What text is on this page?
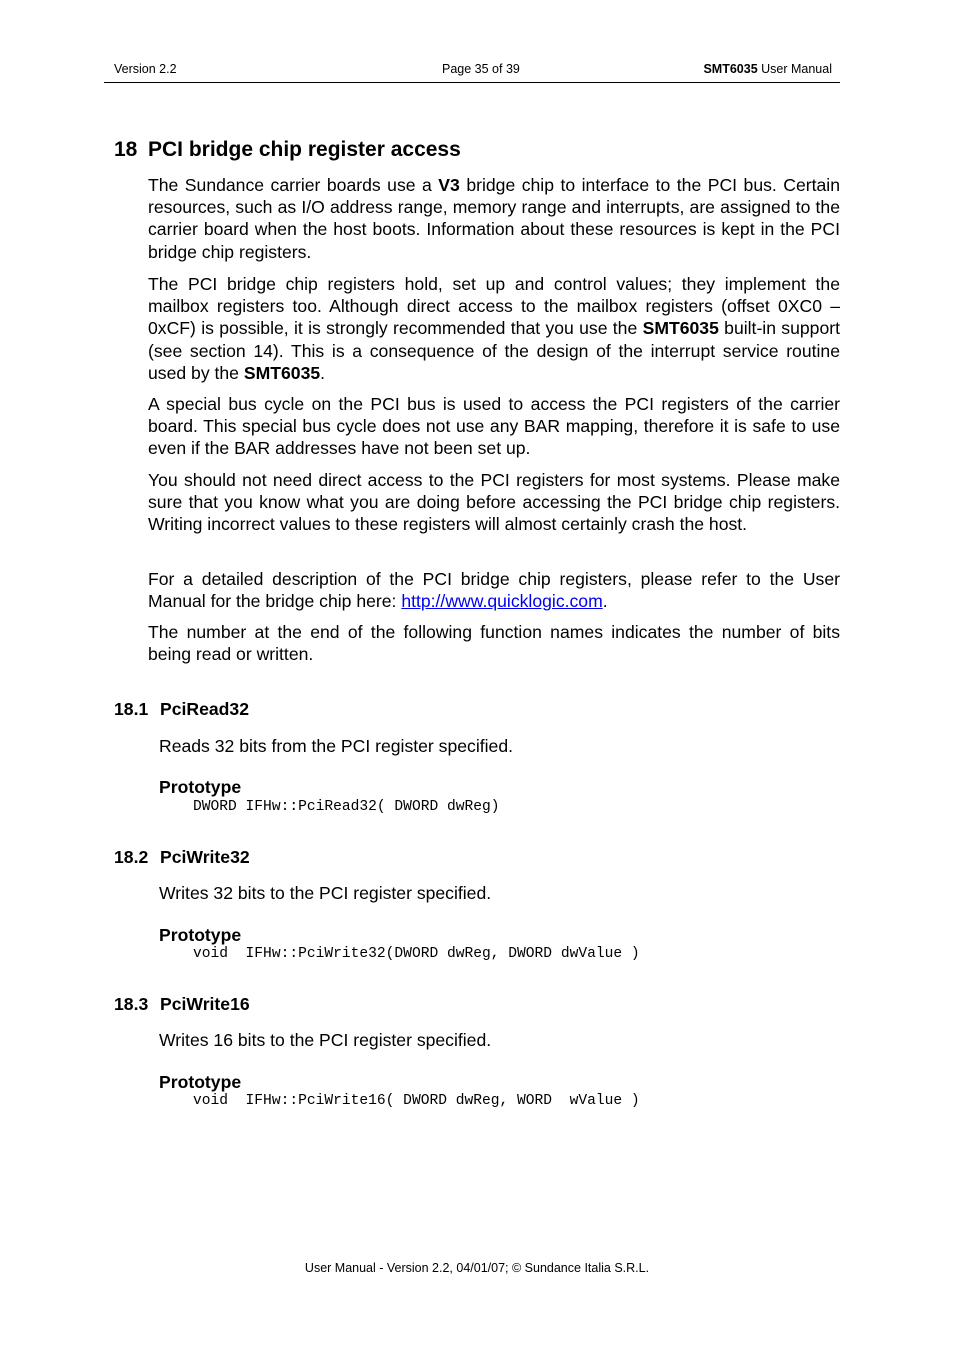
Version 2.2	Page 35 of 39	SMT6035 User Manual
18 PCI bridge chip register access

The Sundance carrier boards use a V3 bridge chip to interface to the PCI bus. Certain resources, such as I/O address range, memory range and interrupts, are assigned to the carrier board when the host boots. Information about these resources is kept in the PCI bridge chip registers.

The PCI bridge chip registers hold, set up and control values; they implement the mailbox registers too. Although direct access to the mailbox registers (offset 0XC0 – 0xCF) is possible, it is strongly recommended that you use the SMT6035 built-in support (see section 14). This is a consequence of the design of the interrupt service routine used by the SMT6035.

A special bus cycle on the PCI bus is used to access the PCI registers of the carrier board. This special bus cycle does not use any BAR mapping, therefore it is safe to use even if the BAR addresses have not been set up.

You should not need direct access to the PCI registers for most systems. Please make sure that you know what you are doing before accessing the PCI bridge chip registers. Writing incorrect values to these registers will almost certainly crash the host.

For a detailed description of the PCI bridge chip registers, please refer to the User Manual for the bridge chip here: http://www.quicklogic.com.

The number at the end of the following function names indicates the number of bits being read or written.

18.1 PciRead32

Reads 32 bits from the PCI register specified.

Prototype

DWORD IFHw::PciRead32( DWORD dwReg)
18.2 PciWrite32

Writes 32 bits to the PCI register specified.

Prototype

void  IFHw::PciWrite32(DWORD dwReg, DWORD dwValue )
18.3 PciWrite16

Writes 16 bits to the PCI register specified.

Prototype

void  IFHw::PciWrite16( DWORD dwReg, WORD  wValue )
User Manual - Version 2.2, 04/01/07; © Sundance Italia S.R.L.
